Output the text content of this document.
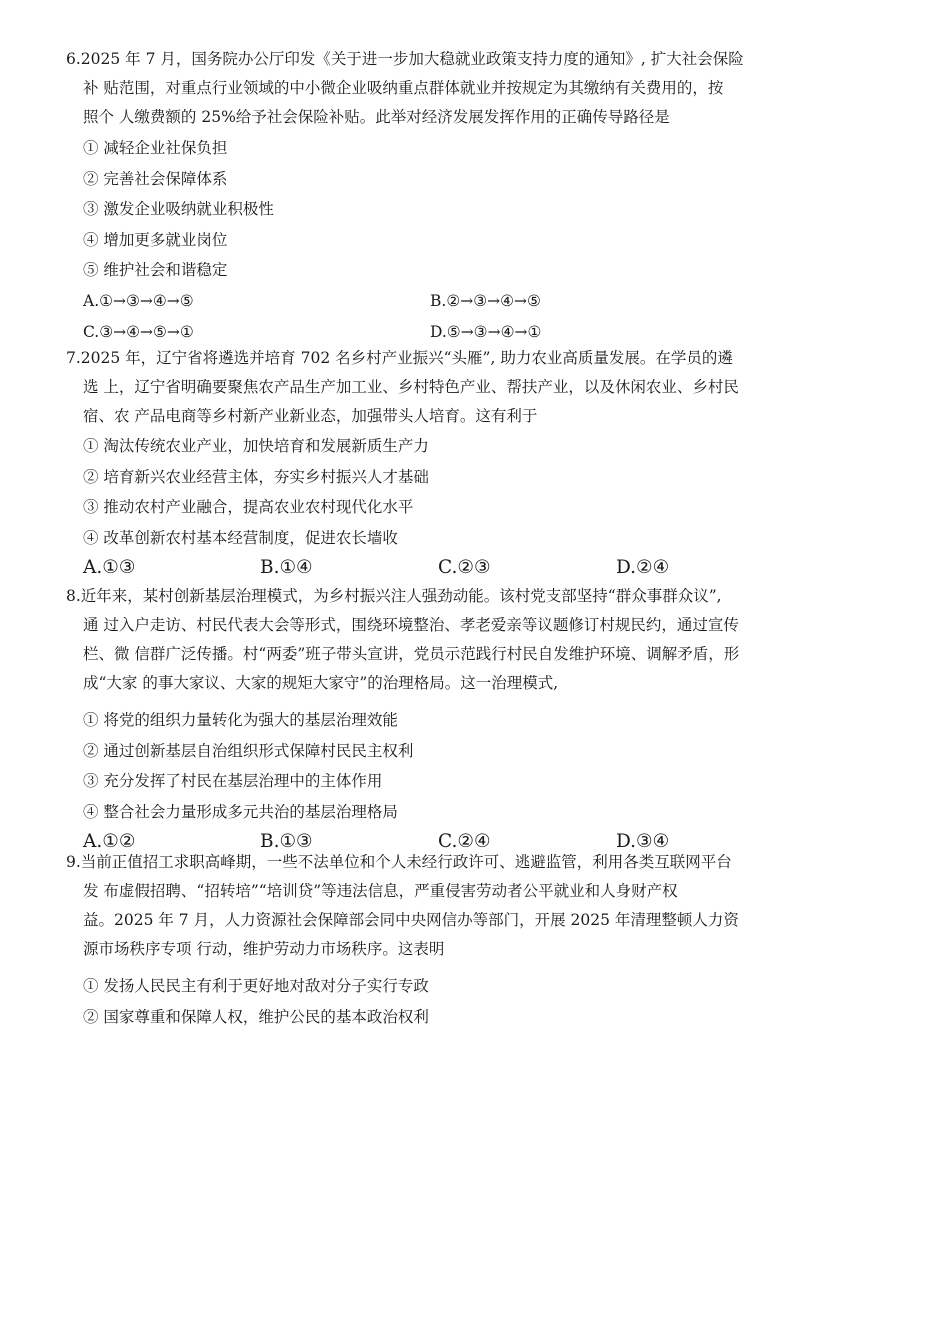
6.2025 年 7 月，国务院办公厅印发《关于进一步加大稳就业政策支持力度的通知》, 扩大社会保险
补 贴范围，对重点行业领域的中小微企业吸纳重点群体就业并按规定为其缴纳有关费用的，按
照个 人缴费额的 25%给予社会保险补贴。此举对经济发展发挥作用的正确传导路径是
① 减轻企业社保负担
② 完善社会保障体系
③ 激发企业吸纳就业积极性
④ 增加更多就业岗位
⑤ 维护社会和谐稳定
A.①→③→④→⑤	B.②→③→④→⑤
C.③→④→⑤→①	D.⑤→③→④→①
7.2025 年，辽宁省将遴选并培育 702 名乡村产业振兴“头雁”, 助力农业高质量发展。在学员的遴
选 上，辽宁省明确要聚焦农产品生产加工业、乡村特色产业、帮扶产业，以及休闲农业、乡村民
宿、农 产品电商等乡村新产业新业态，加强带头人培育。这有利于
① 淘汰传统农业产业，加快培育和发展新质生产力
② 培育新兴农业经营主体，夯实乡村振兴人才基础
③ 推动农村产业融合，提高农业农村现代化水平
④ 改革创新农村基本经营制度，促进农长墙收
A.①③	B.①④	C.②③	D.②④
8.近年来，某村创新基层治理模式，为乡村振兴注人强劲动能。该村党支部坚持“群众事群众议”,
通 过入户走访、村民代表大会等形式，围绕环境整治、孝老爱亲等议题修订村规民约，通过宣传
栏、微 信群广泛传播。村“两委”班子带头宣讲，党员示范践行村民自发维护环境、调解矛盾，形
成“大家 的事大家议、大家的规矩大家守”的治理格局。这一治理模式,
① 将党的组织力量转化为强大的基层治理效能
② 通过创新基层自治组织形式保障村民民主权利
③ 充分发挥了村民在基层治理中的主体作用
④ 整合社会力量形成多元共治的基层治理格局
A.①②	B.①③	C.②④	D.③④
9.当前正值招工求职高峰期，一些不法单位和个人未经行政许可、逃避监管，利用各类互联网平台
发 布虚假招聘、“招转培”“培训贷”等违法信息，严重侵害劳动者公平就业和人身财产权
益。2025 年 7 月，人力资源社会保障部会同中央网信办等部门，开展 2025 年清理整顿人力资
源市场秩序专项 行动，维护劳动力市场秩序。这表明
① 发扬人民民主有利于更好地对敌对分子实行专政
② 国家尊重和保障人权，维护公民的基本政治权利
